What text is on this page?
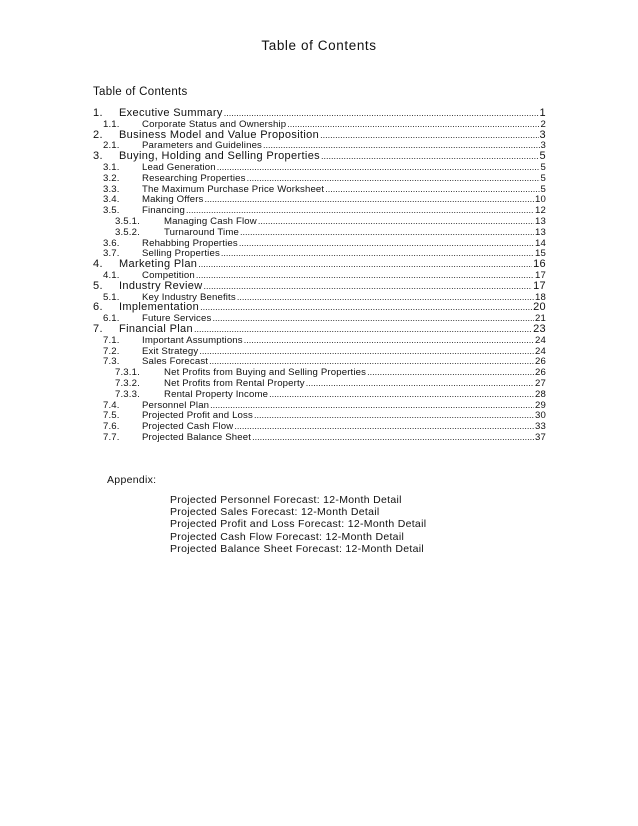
Table of Contents
Table of Contents
1.	Executive Summary .....	1
1.1.	Corporate Status and Ownership .....	2
2.	Business Model and Value Proposition .....	3
2.1.	Parameters and Guidelines .....	3
3.	Buying, Holding and Selling Properties .....	5
3.1.	Lead Generation .....	5
3.2.	Researching Properties .....	5
3.3.	The Maximum Purchase Price Worksheet .....	5
3.4.	Making Offers .....	10
3.5.	Financing .....	12
3.5.1.	Managing Cash Flow .....	13
3.5.2.	Turnaround Time .....	13
3.6.	Rehabbing Properties .....	14
3.7.	Selling Properties .....	15
4.	Marketing Plan .....	16
4.1.	Competition .....	17
5.	Industry Review .....	17
5.1.	Key Industry Benefits .....	18
6.	Implementation .....	20
6.1.	Future Services .....	21
7.	Financial Plan .....	23
7.1.	Important Assumptions .....	24
7.2.	Exit Strategy .....	24
7.3.	Sales Forecast .....	26
7.3.1.	Net Profits from Buying and Selling Properties .....	26
7.3.2.	Net Profits from Rental Property .....	27
7.3.3.	Rental Property Income .....	28
7.4.	Personnel Plan .....	29
7.5.	Projected Profit and Loss .....	30
7.6.	Projected Cash Flow .....	33
7.7.	Projected Balance Sheet .....	37
Appendix:
Projected Personnel Forecast: 12-Month Detail
Projected Sales Forecast: 12-Month Detail
Projected Profit and Loss Forecast: 12-Month Detail
Projected Cash Flow Forecast: 12-Month Detail
Projected Balance Sheet Forecast: 12-Month Detail
